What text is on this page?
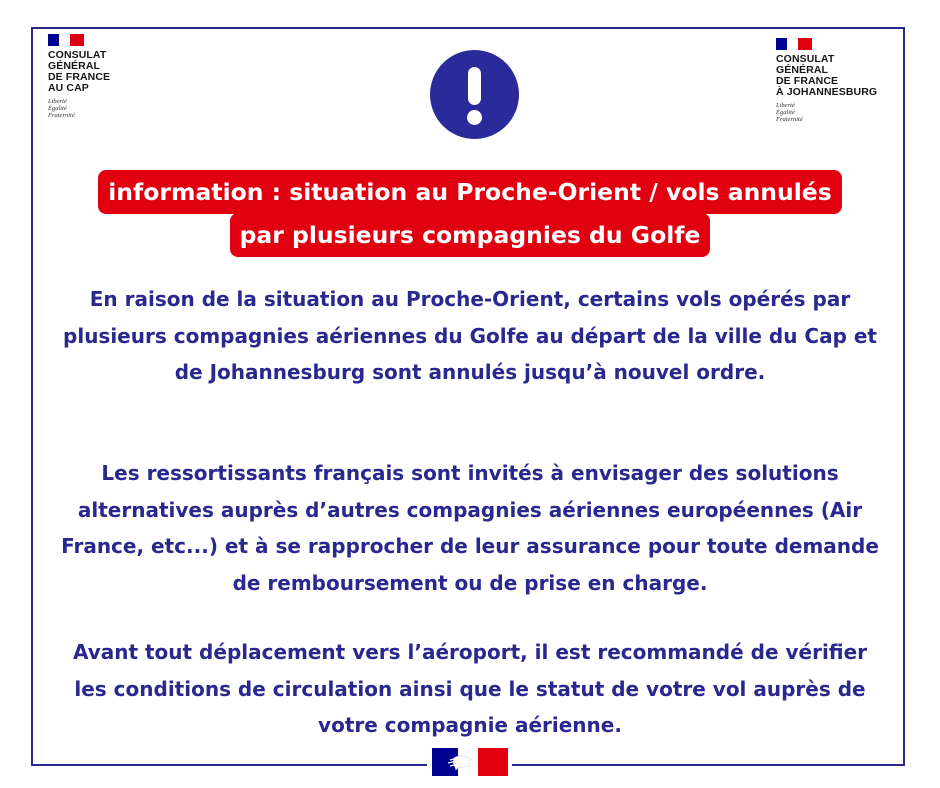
CONSULAT
GÉNÉRAL
DE FRANCE
AU CAP
Liberté
Égalité
Fraternité
CONSULAT
GÉNÉRAL
DE FRANCE
À JOHANNESBURG
Liberté
Égalité
Fraternité
information : situation au Proche-Orient / vols annulés
par plusieurs compagnies du Golfe
En raison de la situation au Proche-Orient, certains vols opérés par plusieurs compagnies aériennes du Golfe au départ de la ville du Cap et de Johannesburg sont annulés jusqu’à nouvel ordre.
Les ressortissants français sont invités à envisager des solutions alternatives auprès d’autres compagnies aériennes européennes (Air France, etc...) et à se rapprocher de leur assurance pour toute demande de remboursement ou de prise en charge.
Avant tout déplacement vers l’aéroport, il est recommandé de vérifier les conditions de circulation ainsi que le statut de votre vol auprès de votre compagnie aérienne.
